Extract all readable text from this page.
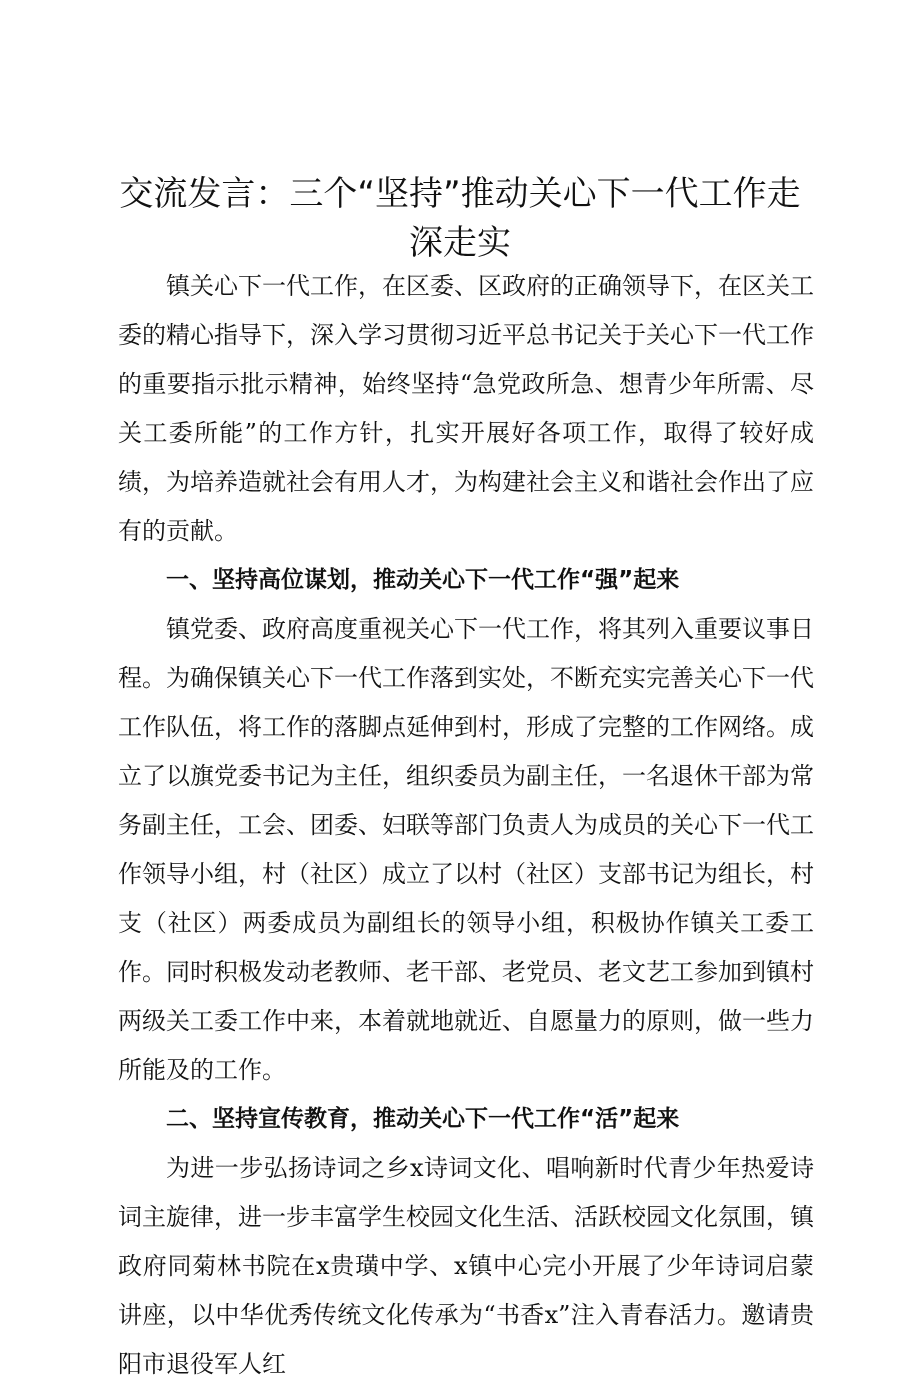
交流发言：三个“坚持”推动关心下一代工作走
深走实

镇关心下一代工作，在区委、区政府的正确领导下，在区关工委的精心指导下，深入学习贯彻习近平总书记关于关心下一代工作的重要指示批示精神，始终坚持“急党政所急、想青少年所需、尽关工委所能”的工作方针，扎实开展好各项工作，取得了较好成绩，为培养造就社会有用人才，为构建社会主义和谐社会作出了应有的贡献。

一、坚持高位谋划，推动关心下一代工作“强”起来

镇党委、政府高度重视关心下一代工作，将其列入重要议事日程。为确保镇关心下一代工作落到实处，不断充实完善关心下一代工作队伍，将工作的落脚点延伸到村，形成了完整的工作网络。成立了以旗党委书记为主任，组织委员为副主任，一名退休干部为常务副主任，工会、团委、妇联等部门负责人为成员的关心下一代工作领导小组，村（社区）成立了以村（社区）支部书记为组长，村支（社区）两委成员为副组长的领导小组，积极协作镇关工委工作。同时积极发动老教师、老干部、老党员、老文艺工参加到镇村两级关工委工作中来，本着就地就近、自愿量力的原则，做一些力所能及的工作。

二、坚持宣传教育，推动关心下一代工作“活”起来

为进一步弘扬诗词之乡x诗词文化、唱响新时代青少年热爱诗词主旋律，进一步丰富学生校园文化生活、活跃校园文化氛围，镇政府同菊林书院在x贵璜中学、x镇中心完小开展了少年诗词启蒙讲座，以中华优秀传统文化传承为“书香x”注入青春活力。邀请贵阳市退役军人红
